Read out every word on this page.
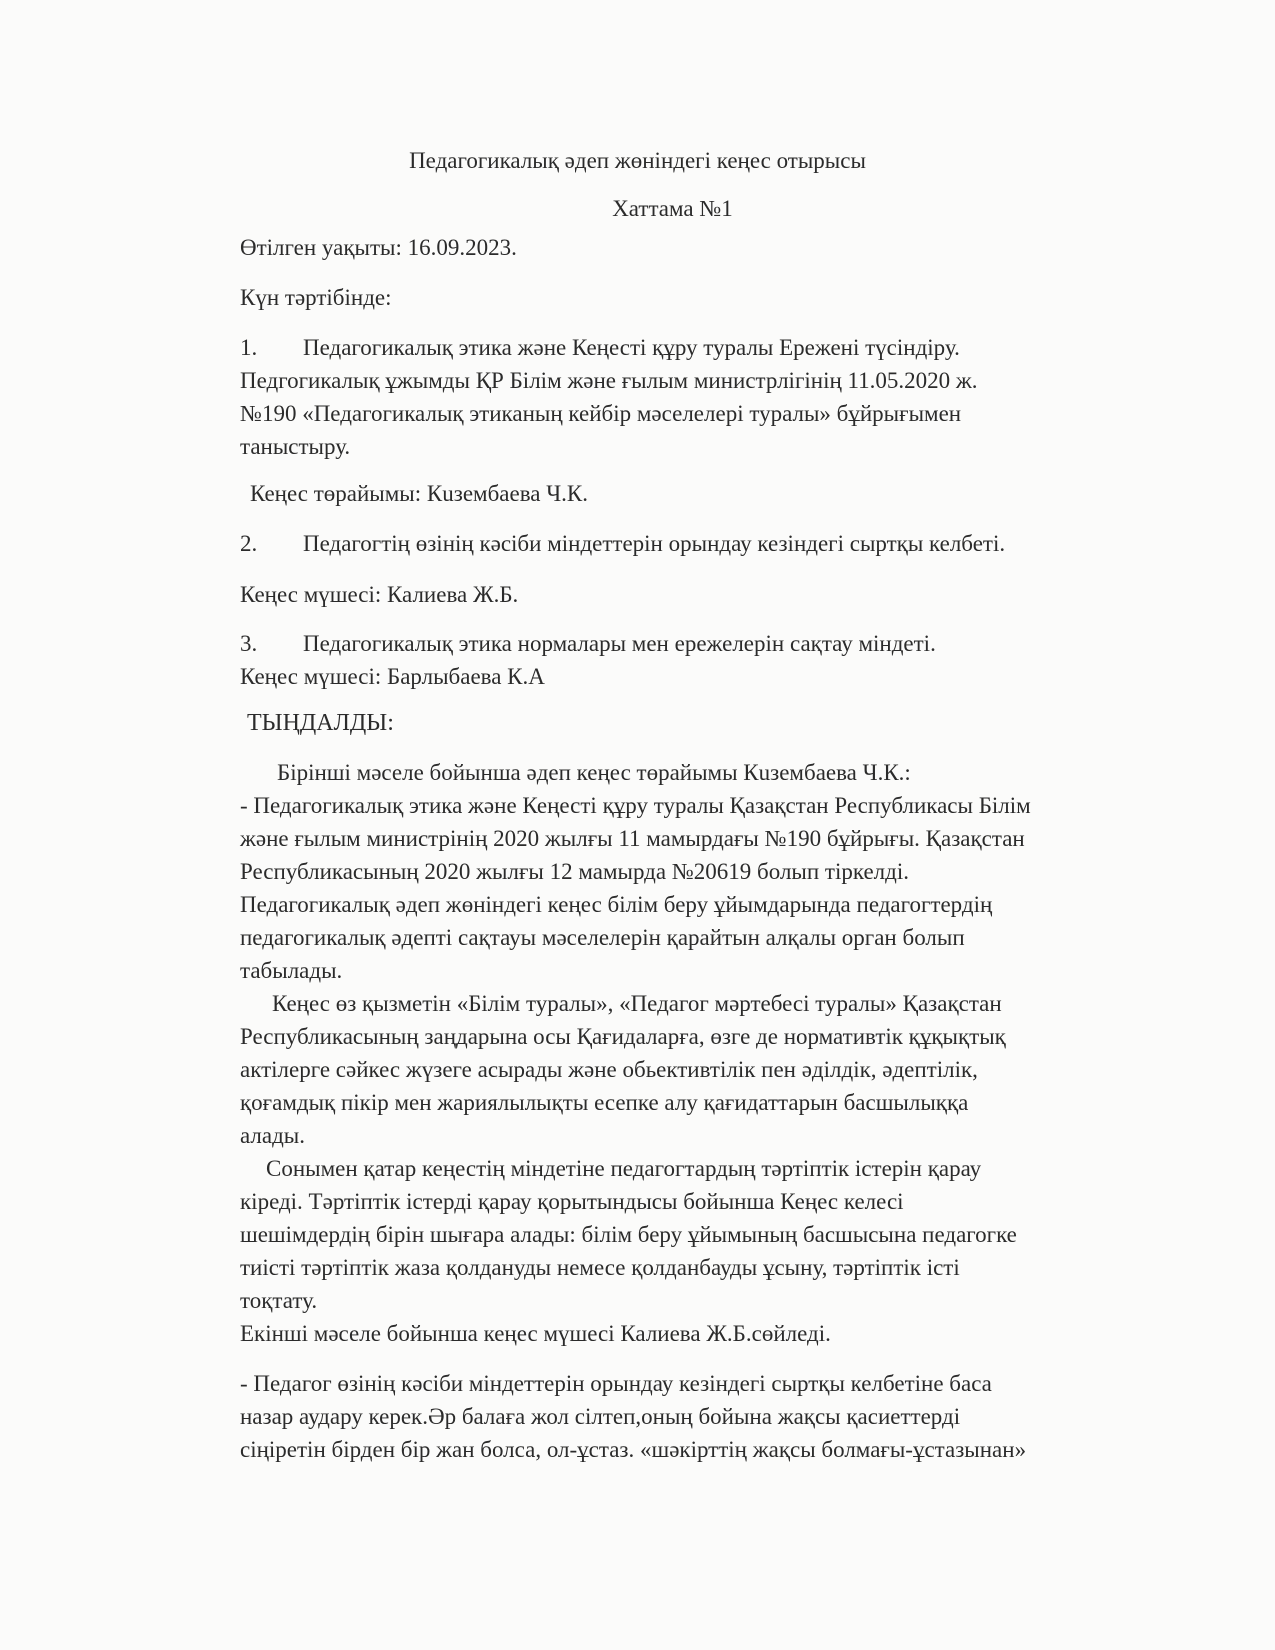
Педагогикалық әдеп жөніндегі кеңес отырысы
Хаттама №1
Өтілген уақыты: 16.09.2023.
Күн тәртібінде:
1. Педагогикалық этика және Кеңесті құру туралы Ережені түсіндіру.
Педгогикалық ұжымды ҚР Білім және ғылым министрлігінің 11.05.2020 ж.
№190 «Педагогикалық этиканың кейбір мәселелері туралы» бұйрығымен
таныстыру.
Кеңес төрайымы: Кuзембаева Ч.К.
2. Педагогтің өзінің кәсіби міндеттерін орындау кезіндегі сыртқы келбеті.
Кеңес мүшесі: Калиева Ж.Б.
3. Педагогикалық этика нормалары мен ережелерін сақтау міндеті.
Кеңес мүшесі: Барлыбаева К.А
ТЫҢДАЛДЫ:
Бірінші мәселе бойынша әдеп кеңес төрайымы Кuзембаева Ч.К.:
- Педагогикалық этика және Кеңесті құру туралы Қазақстан Республикасы Білім
және ғылым министрінің 2020 жылғы 11 мамырдағы №190 бұйрығы. Қазақстан
Республикасының 2020 жылғы 12 мамырда №20619 болып тіркелді.
Педагогикалық әдеп жөніндегі кеңес білім беру ұйымдарында педагогтердің
педагогикалық әдепті сақтауы мәселелерін қарайтын алқалы орган болып
табылады.
Кеңес өз қызметін «Білім туралы», «Педагог мәртебесі туралы» Қазақстан
Республикасының заңдарына осы Қағидаларға, өзге де нормативтік құқықтық
актілерге сәйкес жүзеге асырады және обьективтілік пен әділдік, әдептілік,
қоғамдық пікір мен жариялылықты есепке алу қағидаттарын басшылыққа
алады.
Сонымен қатар кеңестің міндетіне педагогтардың тәртіптік істерін қарау
кіреді. Тәртіптік істерді қарау қорытындысы бойынша Кеңес келесі
шешімдердің бірін шығара алады: білім беру ұйымының басшысына педагогке
тиісті тәртіптік жаза қолдануды немесе қолданбауды ұсыну, тәртіптік істі
тоқтату.
Екінші мәселе бойынша кеңес мүшесі Калиева Ж.Б.сөйледі.
- Педагог өзінің кәсіби міндеттерін орындау кезіндегі сыртқы келбетіне баса
назар аудару керек.Әр балаға жол сілтеп,оның бойына жақсы қасиеттерді
сіңіретін бірден бір жан болса, ол-ұстаз. «шәкірттің жақсы болмағы-ұстазынан»
